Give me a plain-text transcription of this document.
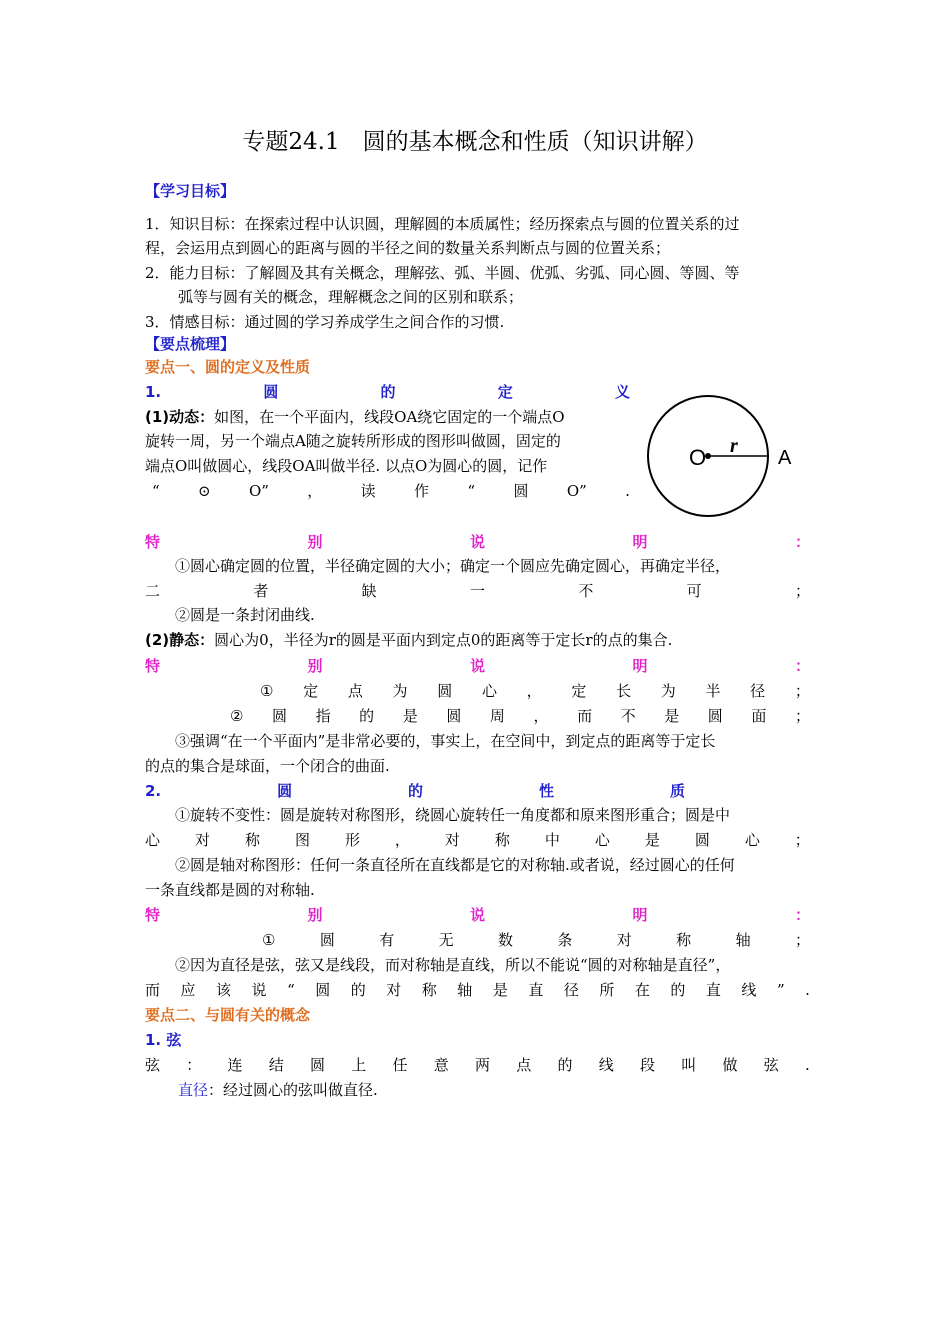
专题24.1　圆的基本概念和性质（知识讲解）
【学习目标】
1．知识目标：在探索过程中认识圆，理解圆的本质属性；经历探索点与圆的位置关系的过
程，会运用点到圆心的距离与圆的半径之间的数量关系判断点与圆的位置关系；
2．能力目标：了解圆及其有关概念，理解弦、弧、半圆、优弧、劣弧、同心圆、等圆、等
弧等与圆有关的概念，理解概念之间的区别和联系；
3．情感目标：通过圆的学习养成学生之间合作的习惯.
【要点梳理】
要点一、圆的定义及性质
1.	圆	的	定	义
(1)动态：如图，在一个平面内，线段OA绕它固定的一个端点O
旋转一周，另一个端点A随之旋转所形成的图形叫做圆，固定的
端点O叫做圆心，线段OA叫做半径. 以点O为圆心的圆，记作
“	⊙	O”	，	读	作	“	圆	O”	.
O r
A
特	别	说	明	：
①圆心确定圆的位置，半径确定圆的大小；确定一个圆应先确定圆心，再确定半径，
二	者	缺	一	不	可	；
②圆是一条封闭曲线.
(2)静态：圆心为0，半径为r的圆是平面内到定点0的距离等于定长r的点的集合.
特	别	说	明	：
① 定 点 为 圆 心 ， 定 长 为 半 径 ；
② 圆 指 的 是 圆 周 ， 而 不 是 圆 面 ；
③强调“在一个平面内”是非常必要的，事实上，在空间中，到定点的距离等于定长
的点的集合是球面，一个闭合的曲面.
2.	圆	的	性	质
①旋转不变性：圆是旋转对称图形，绕圆心旋转任一角度都和原来图形重合；圆是中
心 对 称 图 形 ， 对 称 中 心 是 圆 心 ；
②圆是轴对称图形：任何一条直径所在直线都是它的对称轴.或者说，经过圆心的任何
一条直线都是圆的对称轴.
特	别	说	明	：
①	圆	有	无	数	条	对	称	轴	；
②因为直径是弦，弦又是线段，而对称轴是直线，所以不能说“圆的对称轴是直径”，
而 应 该 说 “ 圆 的 对 称 轴 是 直 径 所 在 的 直 线 ” .
要点二、与圆有关的概念
1. 弦
弦 ： 连 结 圆 上 任 意 两 点 的 线 段 叫 做 弦 .
直径：经过圆心的弦叫做直径.
